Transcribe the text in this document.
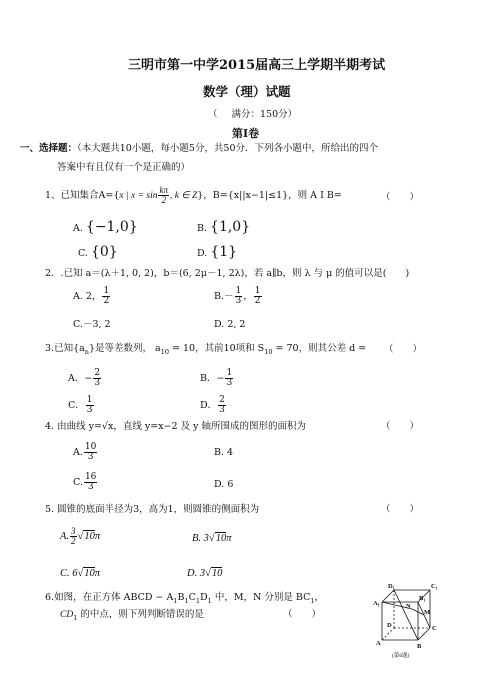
三明市第一中学2015届高三上学期半期考试
数学（理）试题
（ 满分：150分）
第Ⅰ卷
一、选择题：（本大题共10小题，每小题5分，共50分．下列各小题中，所给出的四个
答案中有且仅有一个是正确的）
1、已知集合A={x | $x = \sin \frac{k\pi}{2}$ , k ∈ Z}，B={x||x−1|≤1}，则 A I B=	（　　）
A. {−1,0}	B. {1,0}
C. {0}	D. {1}
2．.已知 a＝(λ＋1, 0, 2)，b＝(6, 2μ－1, 2λ)，若 a∥b，则 λ 与 μ 的值可以是(　　)
A. 2， $\frac{1}{2}$	$B.- \frac{1}{3}$ ， $\frac{1}{2}$
C.－3, 2	D. 2, 2
3.已知$\{a_n\}$是等差数列， $a_{10} = 10$，其前10项和 $S_{10} = 70$，则其公差 d = （　　）
A．− $\frac{2}{3}$	B．− $\frac{1}{3}$
C． $\frac{1}{3}$	D． $\frac{2}{3}$
4. 由曲线 y=√x，直线 y=x−2 及 y 轴所围成的图形的面积为	（　　）
A. $\frac{10}{3}$	B. 4
C. $\frac{16}{3}$	D. 6
5. 圆锥的底面半径为3，高为1，则圆锥的侧面积为	（　　）
A. $\frac{3}{2} √10\pi$	B. 3√10π
C. 6√10π	D. 3√10
6.如图，在正方体 ABCD − $A_1B_1C_1D_1$ 中，M，N 分别是 $BC_1$，
$CD_1$ 的中点，则下列判断错误的是	（　　）
D₁	C₁
A₁
B₁
N
M
D	C
A	B
(第6题)
